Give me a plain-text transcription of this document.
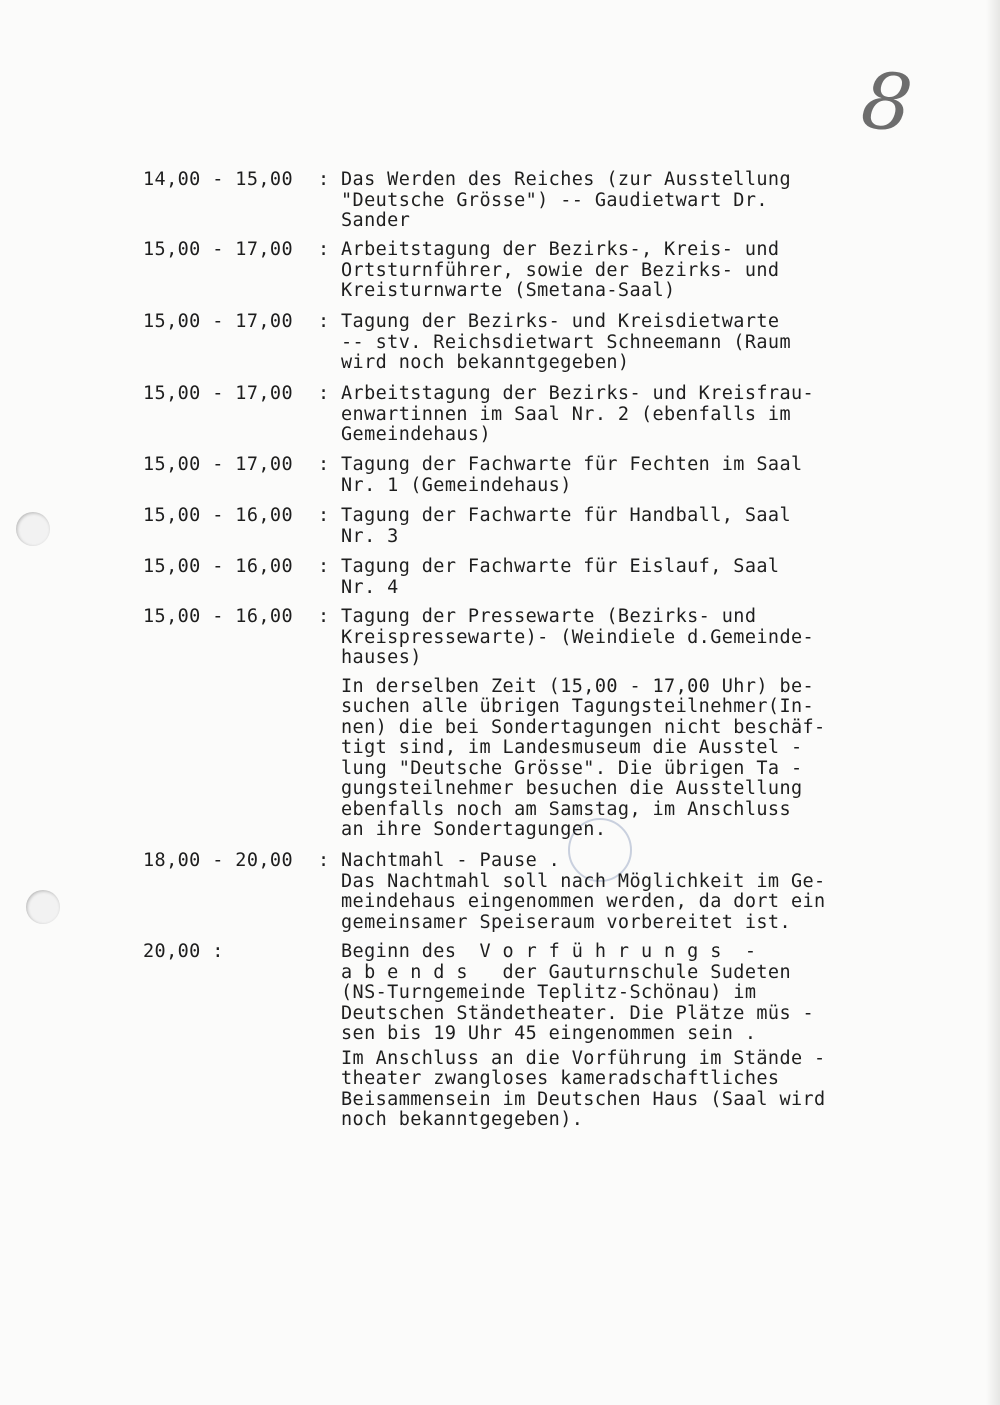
8
14,00 - 15,00 : Das Werden des Reiches (zur Ausstellung
"Deutsche Grösse") -- Gaudietwart Dr.
Sander
15,00 - 17,00 : Arbeitstagung der Bezirks-, Kreis- und
Ortsturnführer, sowie der Bezirks- und
Kreisturnwarte (Smetana-Saal)
15,00 - 17,00 : Tagung der Bezirks- und Kreisdietwarte
-- stv. Reichsdietwart Schneemann (Raum
wird noch bekanntgegeben)
15,00 - 17,00 : Arbeitstagung der Bezirks- und Kreisfrau-
enwartinnen im Saal Nr. 2 (ebenfalls im
Gemeindehaus)
15,00 - 17,00 : Tagung der Fachwarte für Fechten im Saal
Nr. 1 (Gemeindehaus)
15,00 - 16,00 : Tagung der Fachwarte für Handball, Saal
Nr. 3
15,00 - 16,00 : Tagung der Fachwarte für Eislauf, Saal
Nr. 4
15,00 - 16,00 : Tagung der Pressewarte (Bezirks- und
Kreispressewarte)- (Weindiele d.Gemeinde-
hauses)
In derselben Zeit (15,00 - 17,00 Uhr) be-
suchen alle übrigen Tagungsteilnehmer(In-
nen) die bei Sondertagungen nicht beschäf-
tigt sind, im Landesmuseum die Ausstel -
lung "Deutsche Grösse". Die übrigen Ta -
gungsteilnehmer besuchen die Ausstellung
ebenfalls noch am Samstag, im Anschluss
an ihre Sondertagungen.
18,00 - 20,00 : Nachtmahl - Pause .
Das Nachtmahl soll nach Möglichkeit im Ge-
meindehaus eingenommen werden, da dort ein
gemeinsamer Speiseraum vorbereitet ist.
20,00 :	Beginn des  V o r f ü h r u n g s  -
a b e n d s   der Gauturnschule Sudeten
(NS-Turngemeinde Teplitz-Schönau) im
Deutschen Ständetheater. Die Plätze müs -
sen bis 19 Uhr 45 eingenommen sein .
Im Anschluss an die Vorführung im Stände -
theater zwangloses kameradschaftliches
Beisammensein im Deutschen Haus (Saal wird
noch bekanntgegeben).
